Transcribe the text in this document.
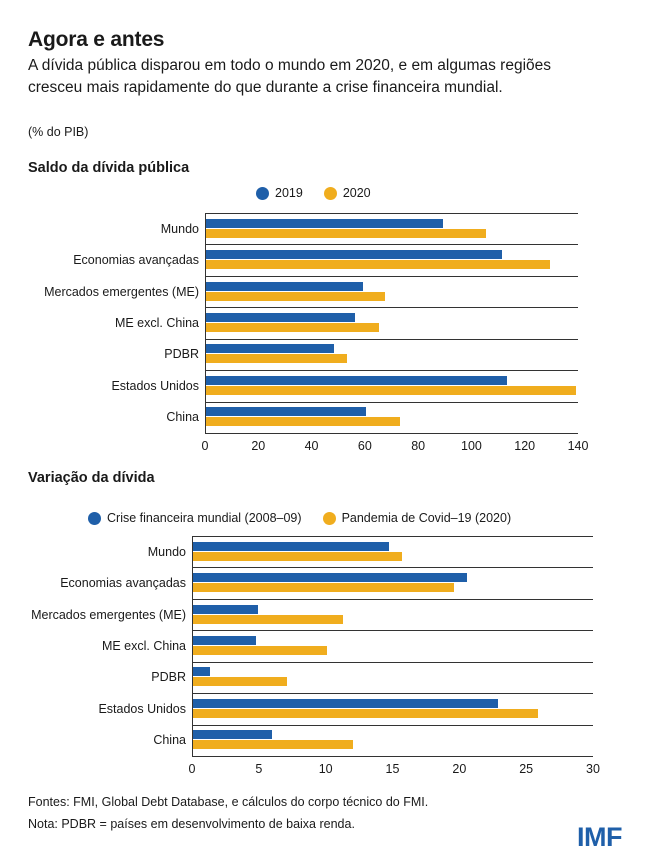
Agora e antes
A dívida pública disparou em todo o mundo em 2020, e em algumas regiões cresceu mais rapidamente do que durante a crise financeira mundial.
(% do PIB)
Saldo da dívida pública
2019	2020
Mundo
Economias avançadas
Mercados emergentes (ME)
ME excl. China
PDBR
Estados Unidos
China
0	20	40	60	80	100	120	140
Variação da dívida
Crise financeira mundial (2008–09)	Pandemia de Covid–19 (2020)
Mundo
Economias avançadas
Mercados emergentes (ME)
ME excl. China
PDBR
Estados Unidos
China
0	5	10	15	20	25	30
Fontes: FMI, Global Debt Database, e cálculos do corpo técnico do FMI.
Nota: PDBR = países em desenvolvimento de baixa renda.	IMF
